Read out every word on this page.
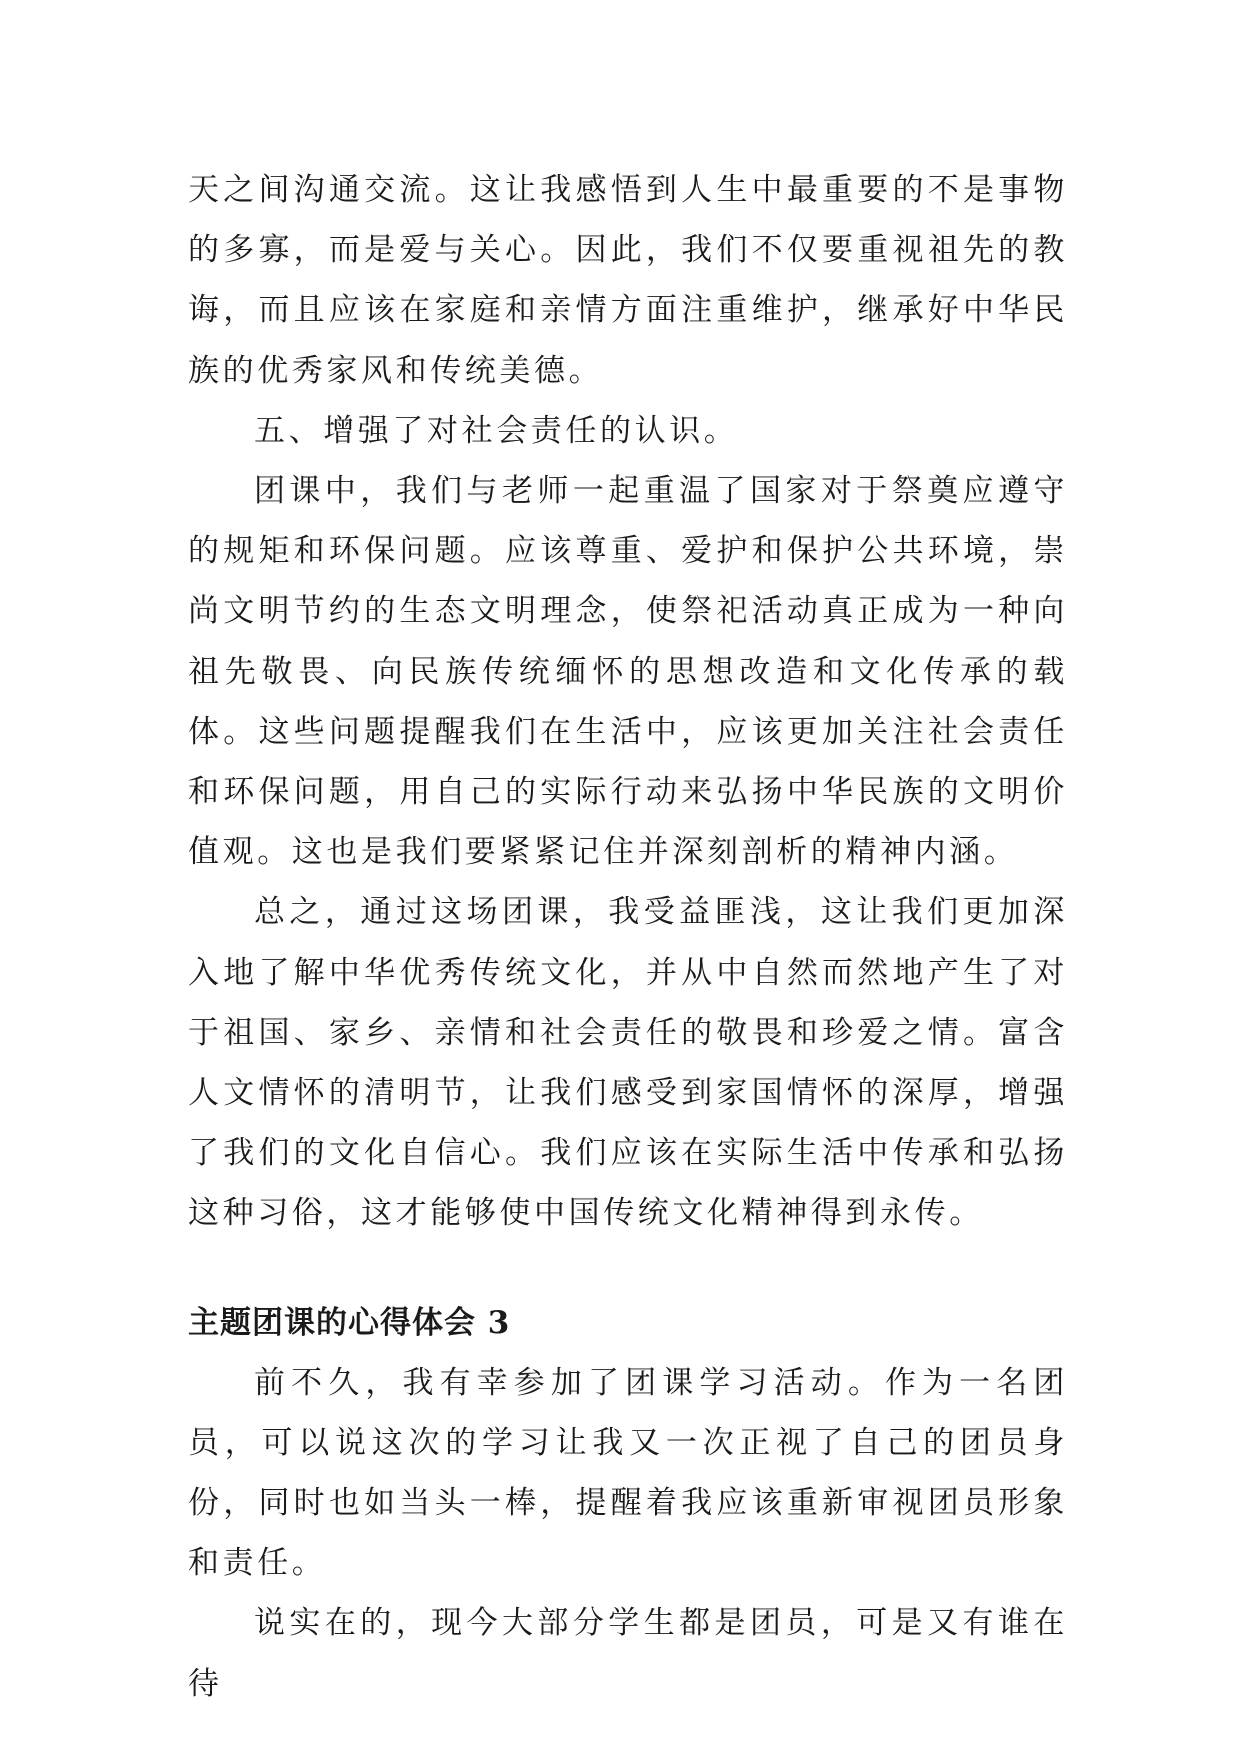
天之间沟通交流。这让我感悟到人生中最重要的不是事物的多寡，而是爱与关心。因此，我们不仅要重视祖先的教诲，而且应该在家庭和亲情方面注重维护，继承好中华民族的优秀家风和传统美德。

五、增强了对社会责任的认识。

团课中，我们与老师一起重温了国家对于祭奠应遵守的规矩和环保问题。应该尊重、爱护和保护公共环境，崇尚文明节约的生态文明理念，使祭祀活动真正成为一种向祖先敬畏、向民族传统缅怀的思想改造和文化传承的载体。这些问题提醒我们在生活中，应该更加关注社会责任和环保问题，用自己的实际行动来弘扬中华民族的文明价值观。这也是我们要紧紧记住并深刻剖析的精神内涵。

总之，通过这场团课，我受益匪浅，这让我们更加深入地了解中华优秀传统文化，并从中自然而然地产生了对于祖国、家乡、亲情和社会责任的敬畏和珍爱之情。富含人文情怀的清明节，让我们感受到家国情怀的深厚，增强了我们的文化自信心。我们应该在实际生活中传承和弘扬这种习俗，这才能够使中国传统文化精神得到永传。

主题团课的心得体会 3

前不久，我有幸参加了团课学习活动。作为一名团员，可以说这次的学习让我又一次正视了自己的团员身份，同时也如当头一棒，提醒着我应该重新审视团员形象和责任。

说实在的，现今大部分学生都是团员，可是又有谁在待
